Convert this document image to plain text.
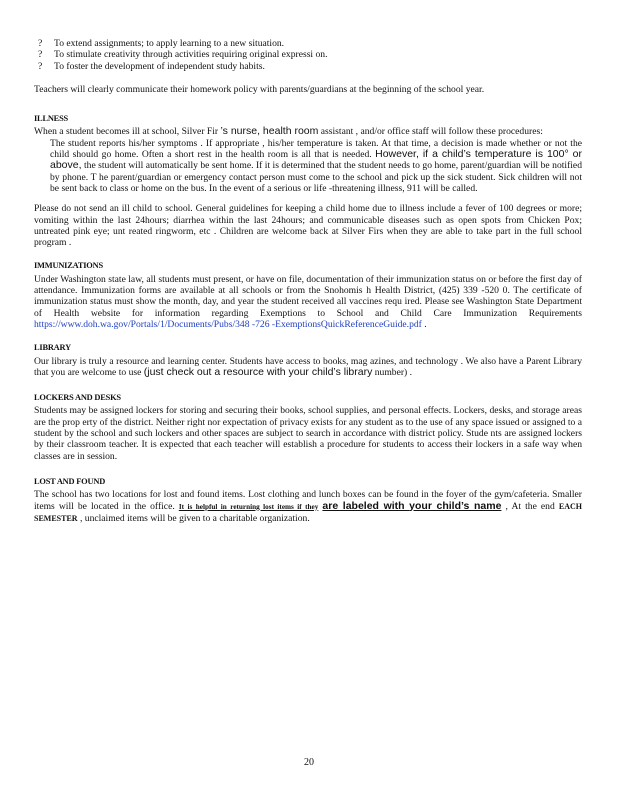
? To extend assignments; to apply learning to a new situation.

? To stimulate creativity through activities requiring original expressi on.

? To foster the development of independent study habits.

Teachers will clearly communicate their homework policy with parents/guardians at the beginning of the school year.

ILLNESS

When a student becomes ill at school, Silver Fir ’s nurse, health room assistant , and/or office staff will follow these procedures:

The student reports his/her symptoms . If appropriate , his/her temperature is taken. At that time, a decision is made whether or not the child should go home. Often a short rest in the health room is all that is needed. However, if a child’s temperature is 100° or above, the student will automatically be sent home. If it is determined that the student needs to go home, parent/guardian will be notified by phone. T he parent/guardian or emergency contact person must come to the school and pick up the sick student. Sick children will not be sent back to class or home on the bus. In the event of a serious or life -threatening illness, 911 will be called.

Please do not send an ill child to school. General guidelines for keeping a child home due to illness include a fever of 100 degrees or more; vomiting within the last 24hours; diarrhea within the last 24hours; and communicable diseases such as open spots from Chicken Pox; untreated pink eye; unt reated ringworm, etc . Children are welcome back at Silver Firs when they are able to take part in the full school program .

IMMUNIZATIONS

Under Washington state law, all students must present, or have on file, documentation of their immunization status on or before the first day of attendance. Immunization forms are available at all schools or from the Snohomis h Health District, (425) 339 -520 0. The certificate of immunization status must show the month, day, and year the student received all vaccines requ ired. Please see Washington State Department of Health website for information regarding Exemptions to School and Child Care Immunization Requirements https://www.doh.wa.gov/Portals/1/Documents/Pubs/348 -726 -ExemptionsQuickReferenceGuide.pdf .

LIBRARY

Our library is truly a resource and learning center. Students have access to books, mag azines, and technology . We also have a Parent Library that you are welcome to use (just check out a resource with your child’s library number) .

LOCKERS AND DESKS

Students may be assigned lockers for storing and securing their books, school supplies, and personal effects. Lockers, desks, and storage areas are the prop erty of the district. Neither right nor expectation of privacy exists for any student as to the use of any space issued or assigned to a student by the school and such lockers and other spaces are subject to search in accordance with district policy. Stude nts are assigned lockers by their classroom teacher. It is expected that each teacher will establish a procedure for students to access their lockers in a safe way when classes are in session.

LOST AND FOUND

The school has two locations for lost and found items. Lost clothing and lunch boxes can be found in the foyer of the gym/cafeteria. Smaller items will be located in the office. It is helpful in returning lost items if they are labeled with your child’s name , At the end EACH SEMESTER , unclaimed items will be given to a charitable organization.

20
